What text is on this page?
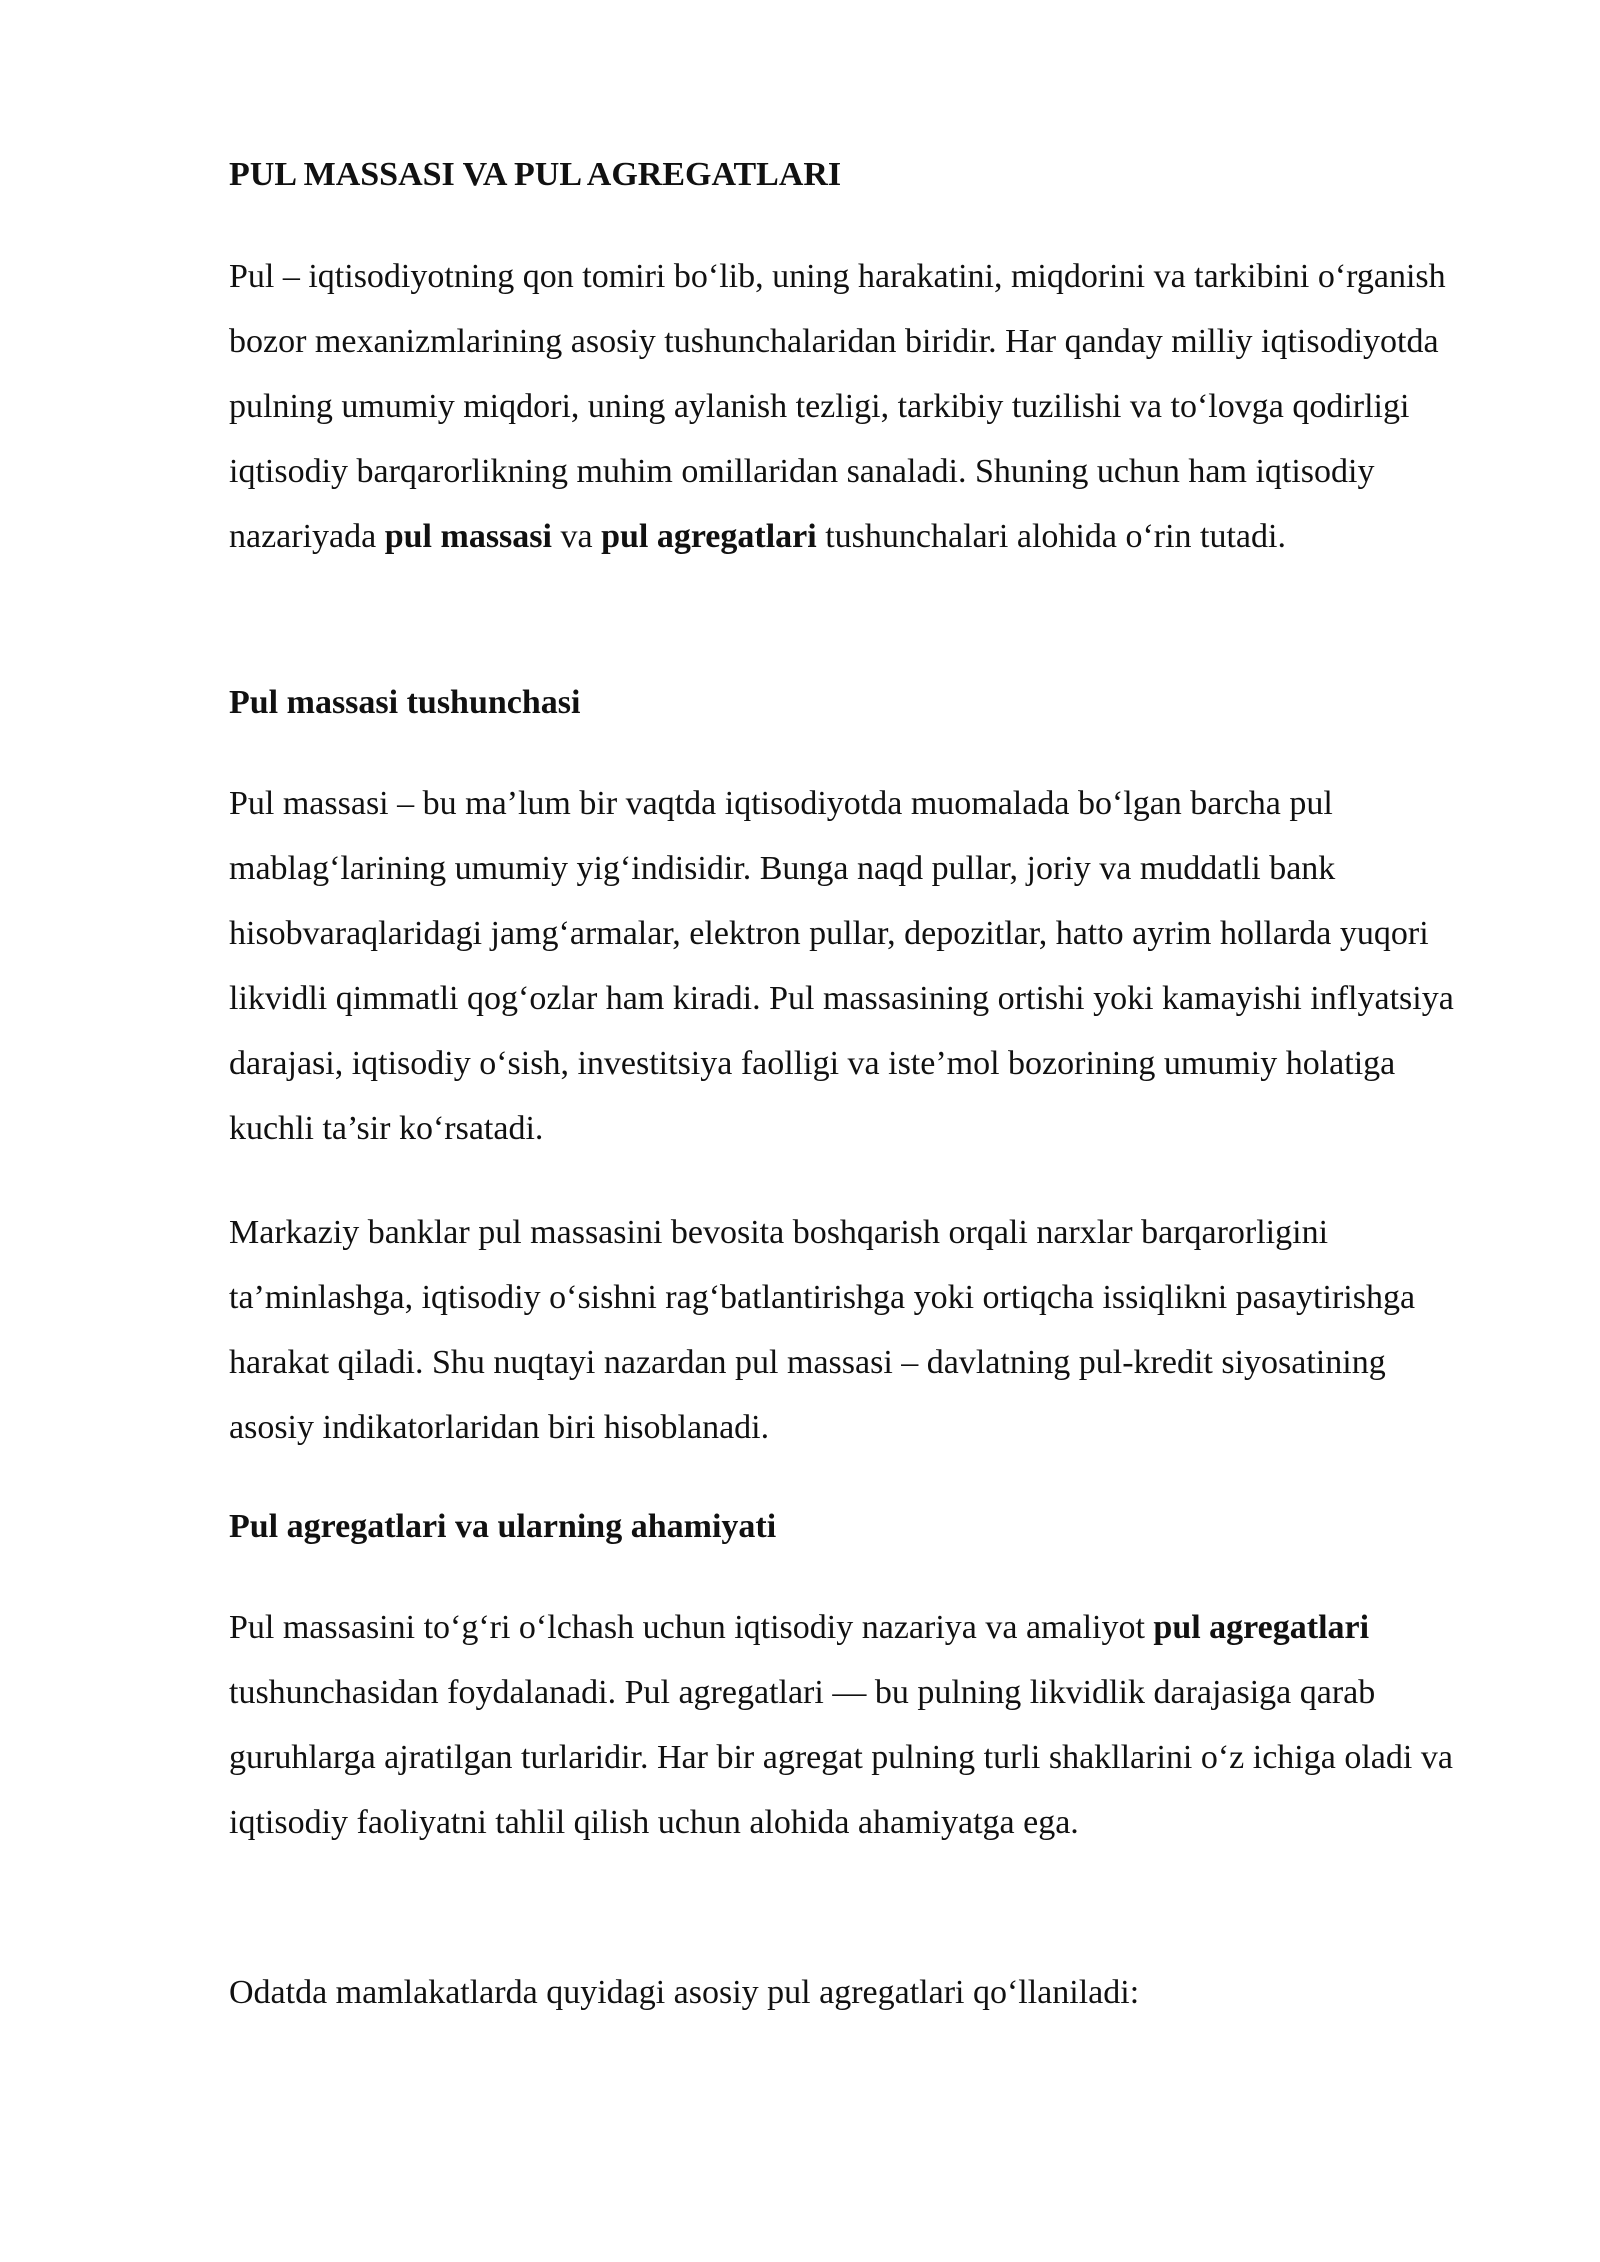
PUL MASSASI VA PUL AGREGATLARI

Pul – iqtisodiyotning qon tomiri bo‘lib, uning harakatini, miqdorini va tarkibini o‘rganish bozor mexanizmlarining asosiy tushunchalaridan biridir. Har qanday milliy iqtisodiyotda pulning umumiy miqdori, uning aylanish tezligi, tarkibiy tuzilishi va to‘lovga qodirligi iqtisodiy barqarorlikning muhim omillaridan sanaladi. Shuning uchun ham iqtisodiy nazariyada pul massasi va pul agregatlari tushunchalari alohida o‘rin tutadi.

Pul massasi tushunchasi

Pul massasi – bu ma’lum bir vaqtda iqtisodiyotda muomalada bo‘lgan barcha pul mablag‘larining umumiy yig‘indisidir. Bunga naqd pullar, joriy va muddatli bank hisobvaraqlaridagi jamg‘armalar, elektron pullar, depozitlar, hatto ayrim hollarda yuqori likvidli qimmatli qog‘ozlar ham kiradi. Pul massasining ortishi yoki kamayishi inflyatsiya darajasi, iqtisodiy o‘sish, investitsiya faolligi va iste’mol bozorining umumiy holatiga kuchli ta’sir ko‘rsatadi.

Markaziy banklar pul massasini bevosita boshqarish orqali narxlar barqarorligini ta’minlashga, iqtisodiy o‘sishni rag‘batlantirishga yoki ortiqcha issiqlikni pasaytirishga harakat qiladi. Shu nuqtayi nazardan pul massasi – davlatning pul-kredit siyosatining asosiy indikatorlaridan biri hisoblanadi.

Pul agregatlari va ularning ahamiyati

Pul massasini to‘g‘ri o‘lchash uchun iqtisodiy nazariya va amaliyot pul agregatlari tushunchasidan foydalanadi. Pul agregatlari — bu pulning likvidlik darajasiga qarab guruhlarga ajratilgan turlaridir. Har bir agregat pulning turli shakllarini o‘z ichiga oladi va iqtisodiy faoliyatni tahlil qilish uchun alohida ahamiyatga ega.

Odatda mamlakatlarda quyidagi asosiy pul agregatlari qo‘llaniladi:
